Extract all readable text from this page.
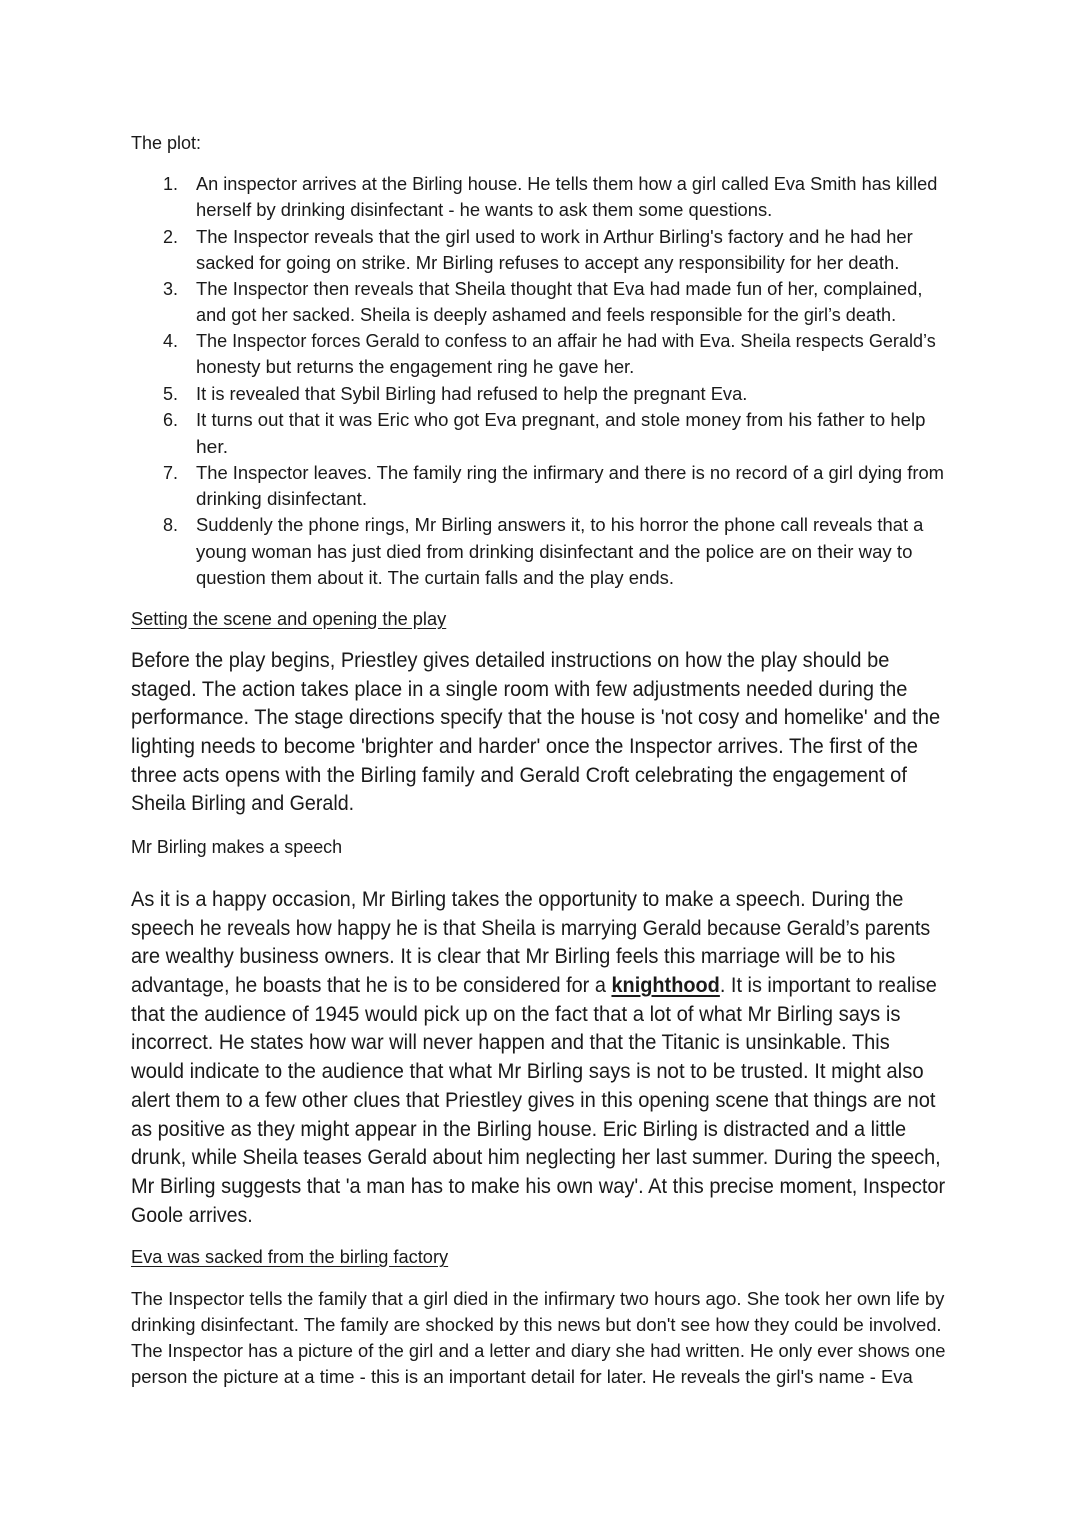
The plot:
1. An inspector arrives at the Birling house. He tells them how a girl called Eva Smith has killed
herself by drinking disinfectant - he wants to ask them some questions.
2. The Inspector reveals that the girl used to work in Arthur Birling's factory and he had her
sacked for going on strike. Mr Birling refuses to accept any responsibility for her death.
3. The Inspector then reveals that Sheila thought that Eva had made fun of her, complained,
and got her sacked. Sheila is deeply ashamed and feels responsible for the girl’s death.
4. The Inspector forces Gerald to confess to an affair he had with Eva. Sheila respects Gerald’s
honesty but returns the engagement ring he gave her.
5. It is revealed that Sybil Birling had refused to help the pregnant Eva.
6. It turns out that it was Eric who got Eva pregnant, and stole money from his father to help
her.
7. The Inspector leaves. The family ring the infirmary and there is no record of a girl dying from
drinking disinfectant.
8. Suddenly the phone rings, Mr Birling answers it, to his horror the phone call reveals that a
young woman has just died from drinking disinfectant and the police are on their way to
question them about it. The curtain falls and the play ends.
Setting the scene and opening the play
Before the play begins, Priestley gives detailed instructions on how the play should be
staged. The action takes place in a single room with few adjustments needed during the
performance. The stage directions specify that the house is 'not cosy and homelike' and the
lighting needs to become 'brighter and harder' once the Inspector arrives. The first of the
three acts opens with the Birling family and Gerald Croft celebrating the engagement of
Sheila Birling and Gerald.
Mr Birling makes a speech
As it is a happy occasion, Mr Birling takes the opportunity to make a speech. During the
speech he reveals how happy he is that Sheila is marrying Gerald because Gerald’s parents
are wealthy business owners. It is clear that Mr Birling feels this marriage will be to his
advantage, he boasts that he is to be considered for a knighthood. It is important to realise
that the audience of 1945 would pick up on the fact that a lot of what Mr Birling says is
incorrect. He states how war will never happen and that the Titanic is unsinkable. This
would indicate to the audience that what Mr Birling says is not to be trusted. It might also
alert them to a few other clues that Priestley gives in this opening scene that things are not
as positive as they might appear in the Birling house. Eric Birling is distracted and a little
drunk, while Sheila teases Gerald about him neglecting her last summer. During the speech,
Mr Birling suggests that 'a man has to make his own way'. At this precise moment, Inspector
Goole arrives.
Eva was sacked from the birling factory
The Inspector tells the family that a girl died in the infirmary two hours ago. She took her own life by
drinking disinfectant. The family are shocked by this news but don't see how they could be involved.
The Inspector has a picture of the girl and a letter and diary she had written. He only ever shows one
person the picture at a time - this is an important detail for later. He reveals the girl's name - Eva
